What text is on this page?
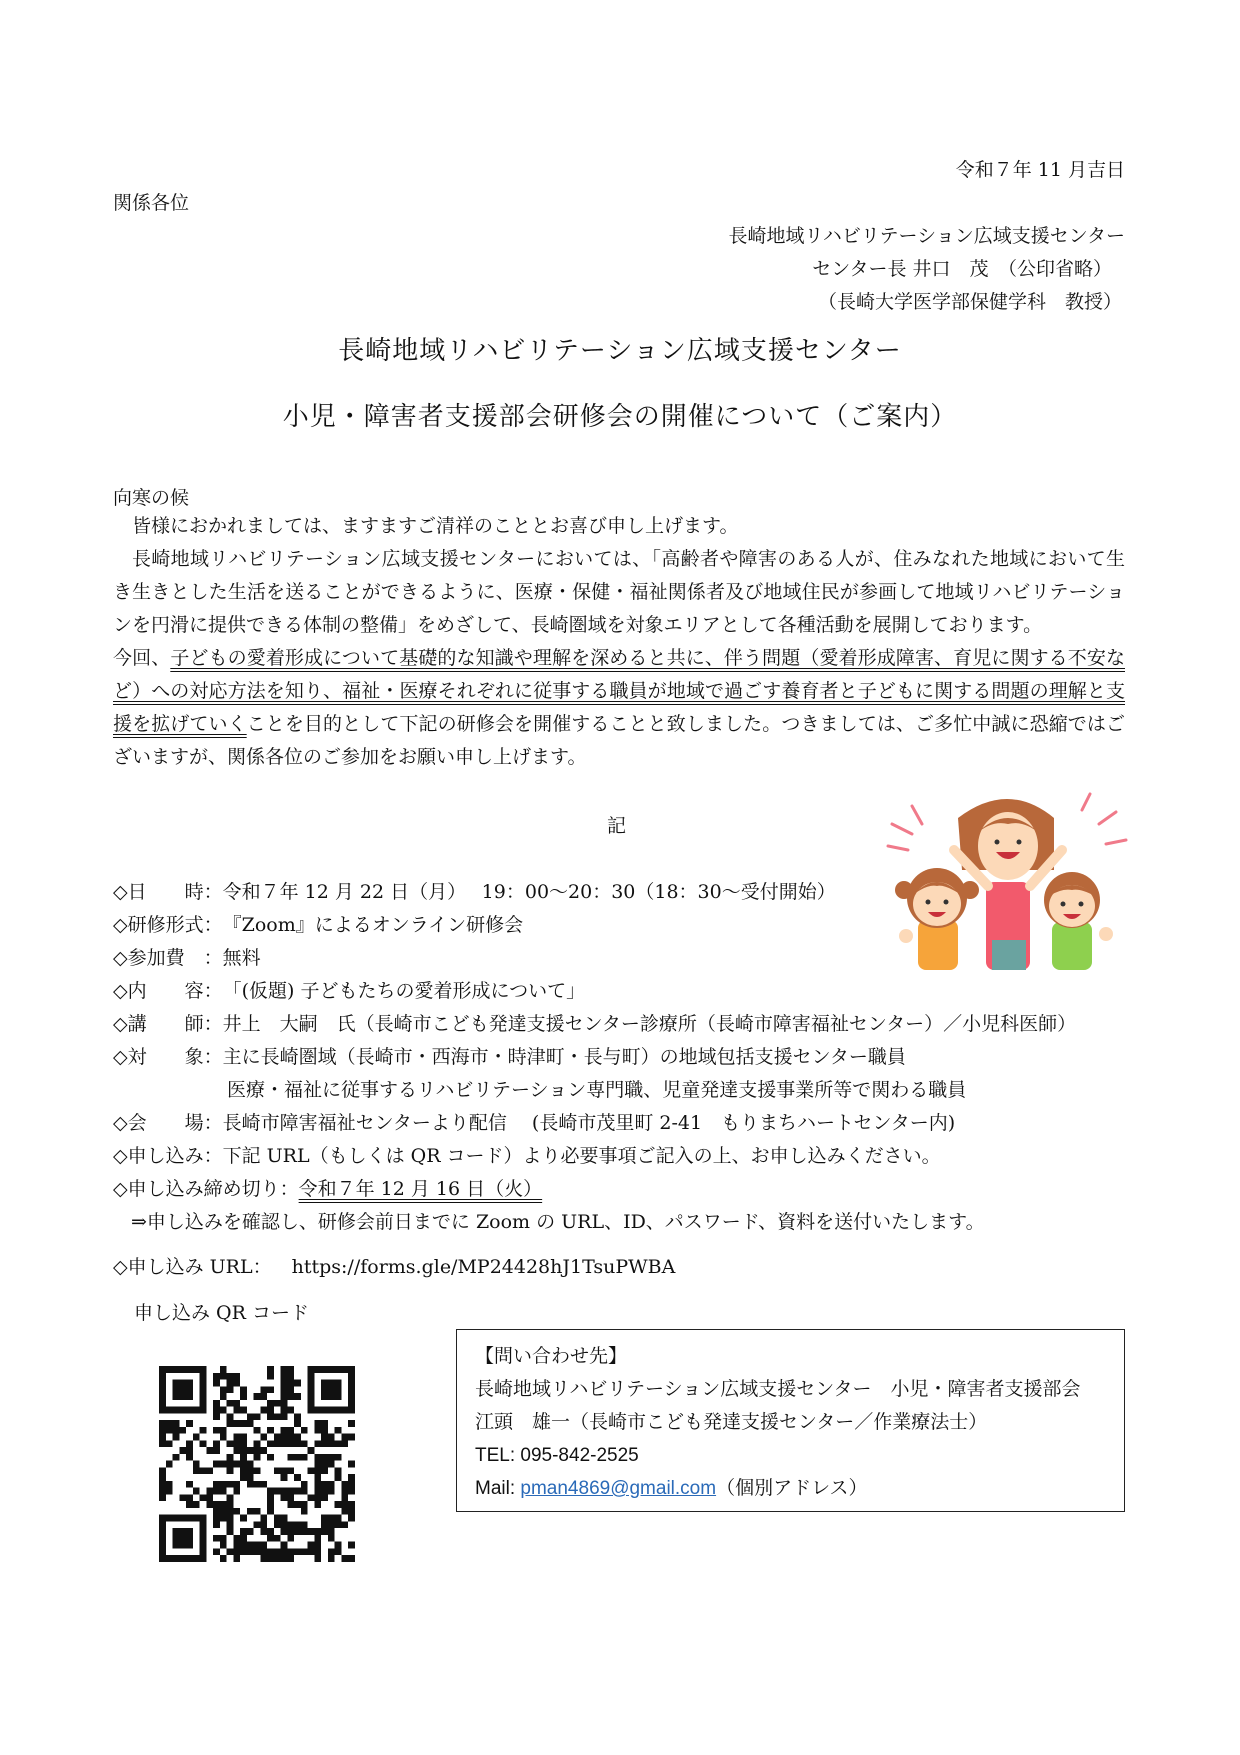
令和７年 11 月吉日
関係各位
長崎地域リハビリテーション広域支援センター
センター長 井口　茂　（公印省略）
（長崎大学医学部保健学科　教授）
長崎地域リハビリテーション広域支援センター
小児・障害者支援部会研修会の開催について（ご案内）
向寒の候

皆様におかれましては、ますますご清祥のこととお喜び申し上げます。

長崎地域リハビリテーション広域支援センターにおいては、「高齢者や障害のある人が、住みなれた地域において生き生きとした生活を送ることができるように、医療・保健・福祉関係者及び地域住民が参画して地域リハビリテーションを円滑に提供できる体制の整備」をめざして、長崎圏域を対象エリアとして各種活動を展開しております。

今回、子どもの愛着形成について基礎的な知識や理解を深めると共に、伴う問題（愛着形成障害、育児に関する不安など）への対応方法を知り、福祉・医療それぞれに従事する職員が地域で過ごす養育者と子どもに関する問題の理解と支援を拡げていくことを目的として下記の研修会を開催することと致しました。つきましては、ご多忙中誠に恐縮ではございますが、関係各位のご参加をお願い申し上げます。

記
◇日　　時：令和７年 12 月 22 日（月）　 19：00～20：30（18：30～受付開始）
◇研修形式：『Zoom』によるオンライン研修会
◇参加費　：無料
◇内　　容：「(仮題) 子どもたちの愛着形成について」
◇講　　師：井上　大嗣　氏（長崎市こども発達支援センター診療所（長崎市障害福祉センター）／小児科医師）
◇対　　象：主に長崎圏域（長崎市・西海市・時津町・長与町）の地域包括支援センター職員
医療・福祉に従事するリハビリテーション専門職、児童発達支援事業所等で関わる職員
◇会　　場：長崎市障害福祉センターより配信　 (長崎市茂里町 2-41　もりまちハートセンター内)
◇申し込み：下記 URL（もしくは QR コード）より必要事項ご記入の上、お申し込みください。
◇申し込み締め切り：令和７年 12 月 16 日（火）
⇒申し込みを確認し、研修会前日までに Zoom の URL、ID、パスワード、資料を送付いたします。
◇申し込み URL： https://forms.gle/MP24428hJ1TsuPWBA
申し込み QR コード
【問い合わせ先】
長崎地域リハビリテーション広域支援センター　小児・障害者支援部会
江頭　雄一（長崎市こども発達支援センター／作業療法士）
TEL: 095-842-2525
Mail: pman4869@gmail.com（個別アドレス）
